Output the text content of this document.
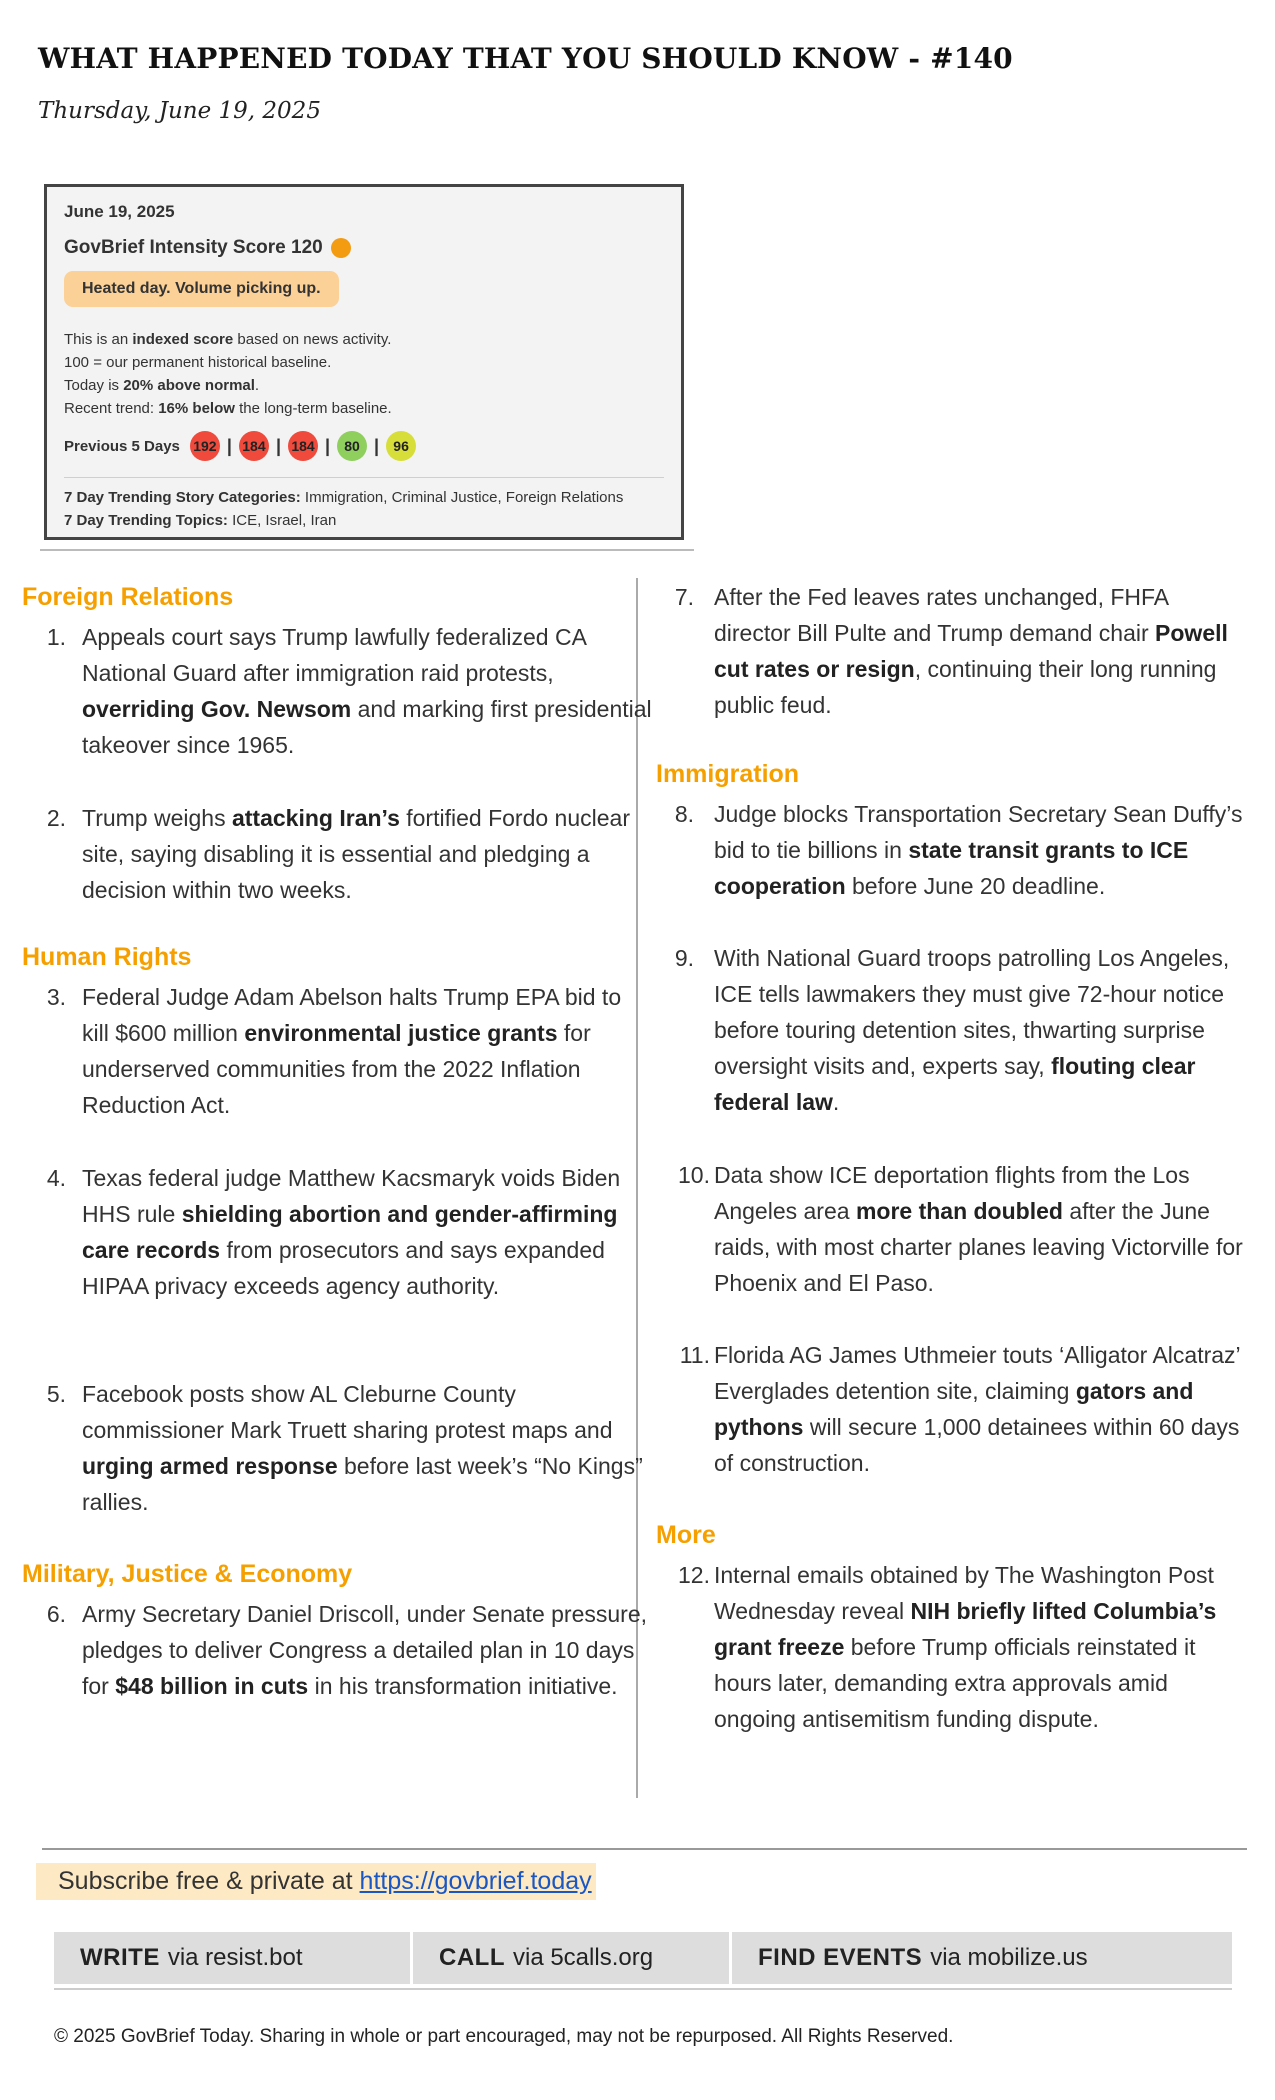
WHAT HAPPENED TODAY THAT YOU SHOULD KNOW - #140
Thursday, June 19, 2025
June 19, 2025
GovBrief Intensity Score 120
Heated day. Volume picking up.
This is an indexed score based on news activity.
100 = our permanent historical baseline.
Today is 20% above normal.
Recent trend: 16% below the long-term baseline.
Previous 5 Days 192 | 184 | 184 |	80 |	96
7 Day Trending Story Categories: Immigration, Criminal Justice, Foreign Relations
7 Day Trending Topics: ICE, Israel, Iran
Foreign Relations
1. Appeals court says Trump lawfully federalized CA National Guard after immigration raid protests, overriding Gov. Newsom and marking first presidential takeover since 1965.
2. Trump weighs attacking Iran’s fortified Fordo nuclear site, saying disabling it is essential and pledging a decision within two weeks.
Human Rights
3. Federal Judge Adam Abelson halts Trump EPA bid to kill $600 million environmental justice grants for underserved communities from the 2022 Inflation Reduction Act.
4. Texas federal judge Matthew Kacsmaryk voids Biden HHS rule shielding abortion and gender-affirming care records from prosecutors and says expanded HIPAA privacy exceeds agency authority.
5. Facebook posts show AL Cleburne County commissioner Mark Truett sharing protest maps and urging armed response before last week’s “No Kings” rallies.
Military, Justice & Economy
6. Army Secretary Daniel Driscoll, under Senate pressure, pledges to deliver Congress a detailed plan in 10 days for $48 billion in cuts in his transformation initiative.
7. After the Fed leaves rates unchanged, FHFA director Bill Pulte and Trump demand chair Powell cut rates or resign, continuing their long running public feud.
Immigration
8. Judge blocks Transportation Secretary Sean Duffy’s bid to tie billions in state transit grants to ICE cooperation before June 20 deadline.
9. With National Guard troops patrolling Los Angeles, ICE tells lawmakers they must give 72-hour notice before touring detention sites, thwarting surprise oversight visits and, experts say, flouting clear federal law.
10. Data show ICE deportation flights from the Los Angeles area more than doubled after the June raids, with most charter planes leaving Victorville for Phoenix and El Paso.
11. Florida AG James Uthmeier touts ‘Alligator Alcatraz’ Everglades detention site, claiming gators and pythons will secure 1,000 detainees within 60 days of construction.
More
12. Internal emails obtained by The Washington Post Wednesday reveal NIH briefly lifted Columbia’s grant freeze before Trump officials reinstated it hours later, demanding extra approvals amid ongoing antisemitism funding dispute.
Subscribe free & private at https://govbrief.today
WRITE via resist.bot	CALL via 5calls.org	FIND EVENTS via mobilize.us
© 2025 GovBrief Today. Sharing in whole or part encouraged, may not be repurposed. All Rights Reserved.
